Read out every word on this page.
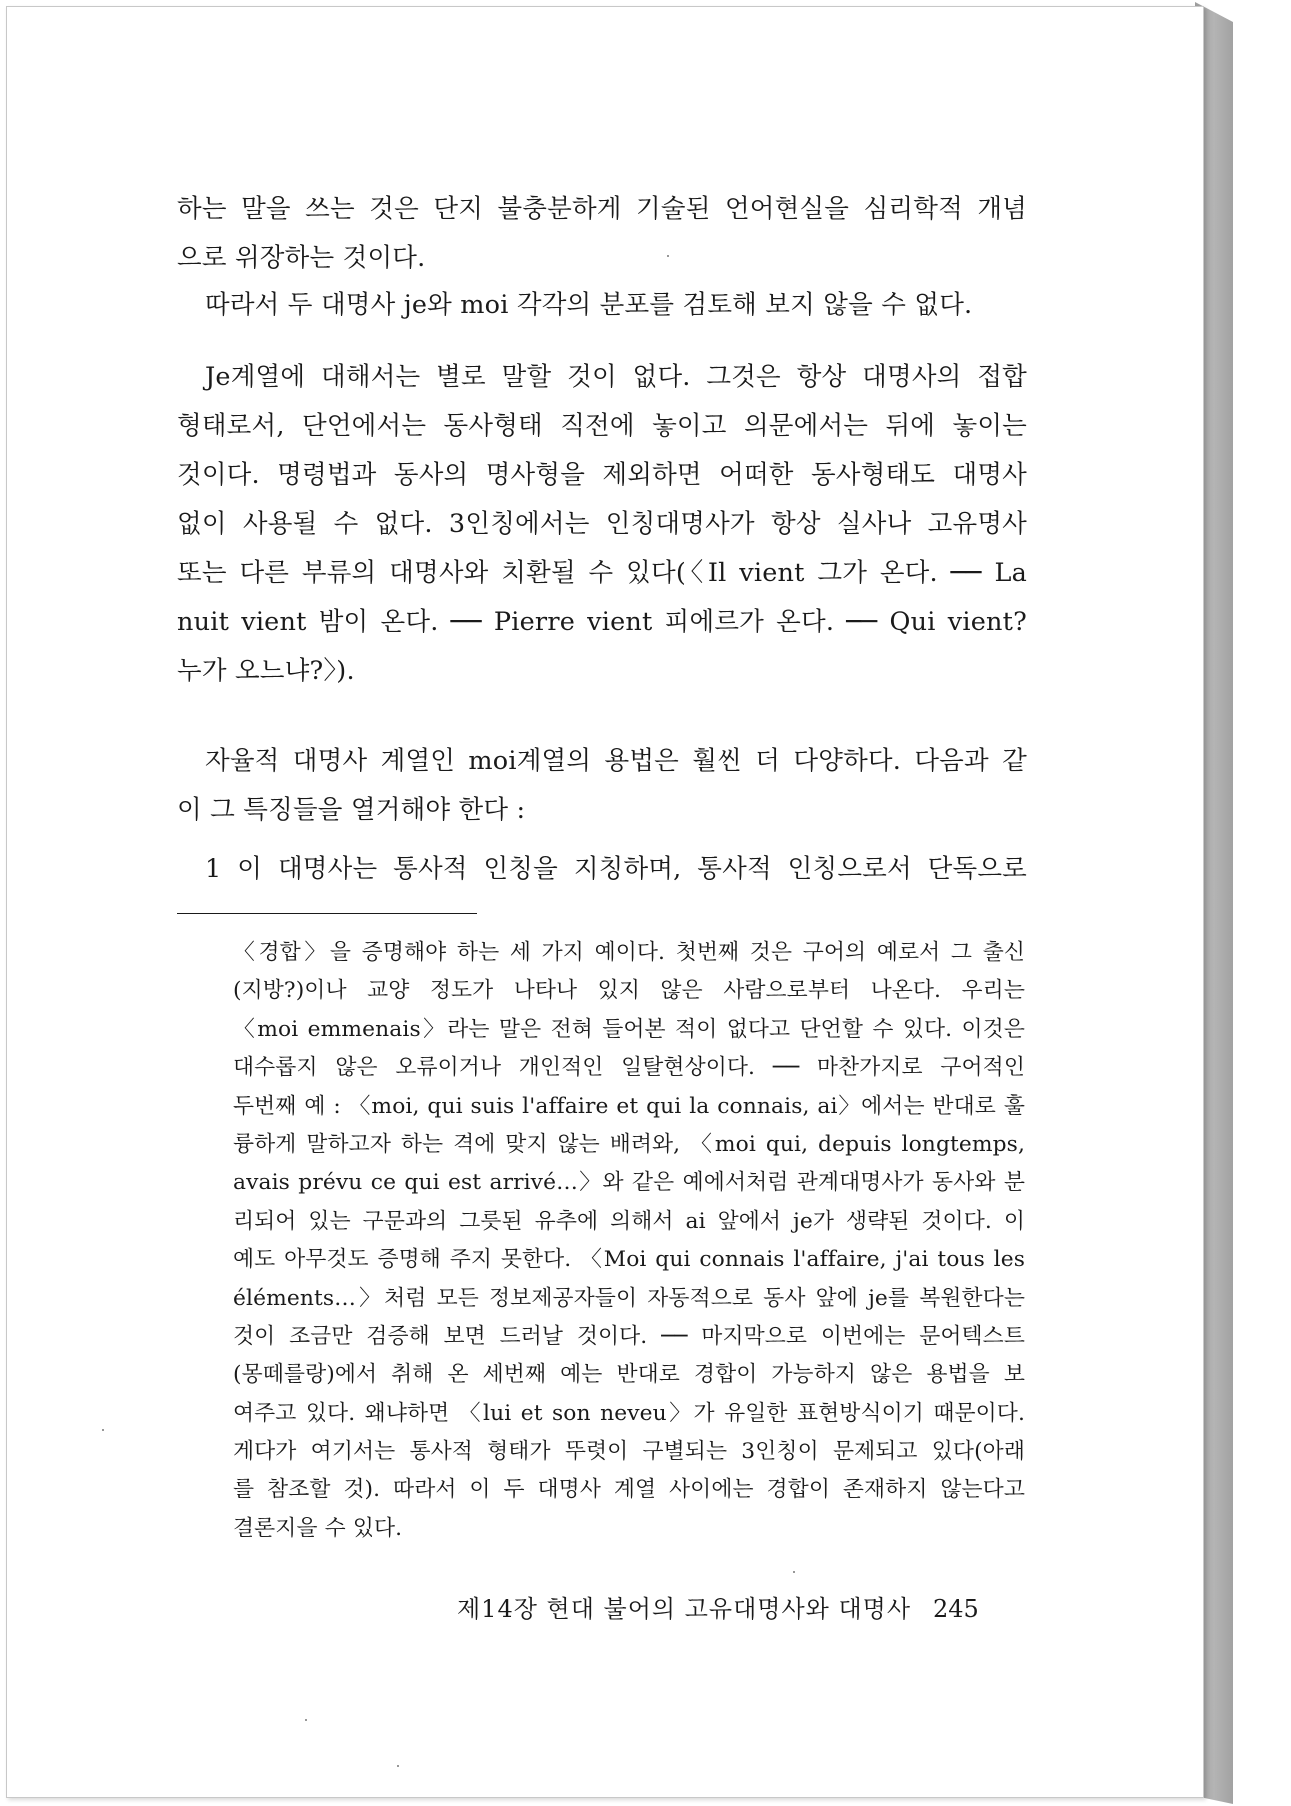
하는 말을 쓰는 것은 단지 불충분하게 기술된 언어현실을 심리학적 개념
으로 위장하는 것이다.

따라서 두 대명사 je와 moi 각각의 분포를 검토해 보지 않을 수 없다.

Je계열에 대해서는 별로 말할 것이 없다. 그것은 항상 대명사의 접합
형태로서, 단언에서는 동사형태 직전에 놓이고 의문에서는 뒤에 놓이는
것이다. 명령법과 동사의 명사형을 제외하면 어떠한 동사형태도 대명사
없이 사용될 수 없다. 3인칭에서는 인칭대명사가 항상 실사나 고유명사
또는 다른 부류의 대명사와 치환될 수 있다(〈Il vient 그가 온다. ── La
nuit vient 밤이 온다. ── Pierre vient 피에르가 온다. ── Qui vient?
누가 오느냐?〉).

자율적 대명사 계열인 moi계열의 용법은 훨씬 더 다양하다. 다음과 같
이 그 특징들을 열거해야 한다 :

1 이 대명사는 통사적 인칭을 지칭하며, 통사적 인칭으로서 단독으로

〈경합〉을 증명해야 하는 세 가지 예이다. 첫번째 것은 구어의 예로서 그 출신
(지방?)이나 교양 정도가 나타나 있지 않은 사람으로부터 나온다. 우리는
〈moi emmenais〉라는 말은 전혀 들어본 적이 없다고 단언할 수 있다. 이것은
대수롭지 않은 오류이거나 개인적인 일탈현상이다. ── 마찬가지로 구어적인
두번째 예 : 〈moi, qui suis l'affaire et qui la connais, ai〉에서는 반대로 훌
륭하게 말하고자 하는 격에 맞지 않는 배려와, 〈moi qui, depuis longtemps,
avais prévu ce qui est arrivé…〉와 같은 예에서처럼 관계대명사가 동사와 분
리되어 있는 구문과의 그릇된 유추에 의해서 ai 앞에서 je가 생략된 것이다. 이
예도 아무것도 증명해 주지 못한다. 〈Moi qui connais l'affaire, j'ai tous les
éléments…〉처럼 모든 정보제공자들이 자동적으로 동사 앞에 je를 복원한다는
것이 조금만 검증해 보면 드러날 것이다. ── 마지막으로 이번에는 문어텍스트
(몽떼를랑)에서 취해 온 세번째 예는 반대로 경합이 가능하지 않은 용법을 보
여주고 있다. 왜냐하면 〈lui et son neveu〉가 유일한 표현방식이기 때문이다.
게다가 여기서는 통사적 형태가 뚜렷이 구별되는 3인칭이 문제되고 있다(아래
를 참조할 것). 따라서 이 두 대명사 계열 사이에는 경합이 존재하지 않는다고
결론지을 수 있다.
제14장 현대 불어의 고유대명사와 대명사 245
